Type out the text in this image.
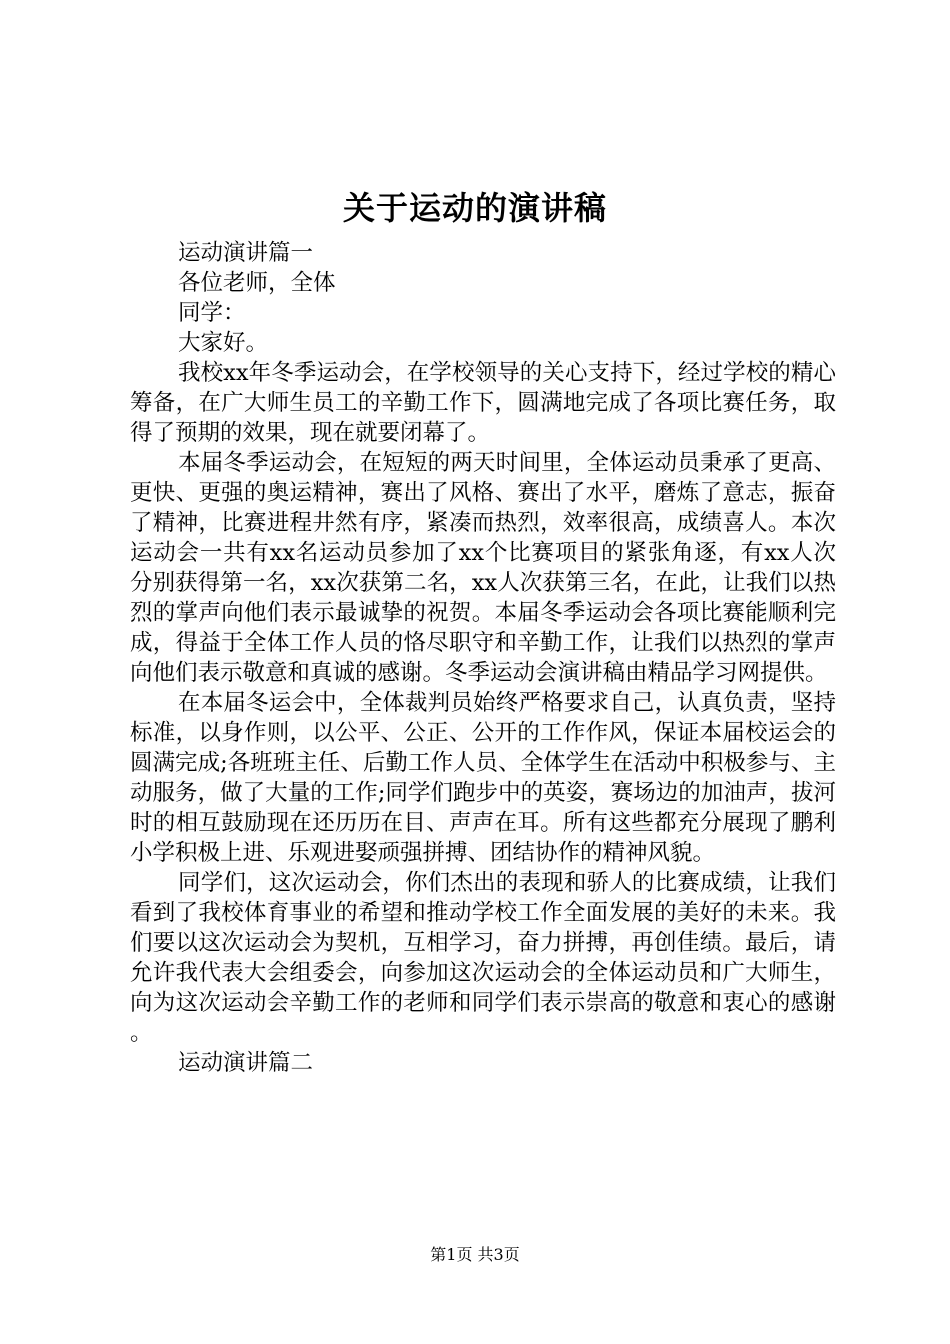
关于运动的演讲稿

运动演讲篇一

各位老师，全体

同学：

大家好。

我校xx年冬季运动会，在学校领导的关心支持下，经过学校的精心筹备，在广大师生员工的辛勤工作下，圆满地完成了各项比赛任务，取得了预期的效果，现在就要闭幕了。

本届冬季运动会，在短短的两天时间里，全体运动员秉承了更高、更快、更强的奥运精神，赛出了风格、赛出了水平，磨炼了意志，振奋了精神，比赛进程井然有序，紧凑而热烈，效率很高，成绩喜人。本次运动会一共有xx名运动员参加了xx个比赛项目的紧张角逐，有xx人次分别获得第一名，xx次获第二名，xx人次获第三名，在此，让我们以热烈的掌声向他们表示最诚挚的祝贺。本届冬季运动会各项比赛能顺利完成，得益于全体工作人员的恪尽职守和辛勤工作，让我们以热烈的掌声向他们表示敬意和真诚的感谢。冬季运动会演讲稿由精品学习网提供。

在本届冬运会中，全体裁判员始终严格要求自己，认真负责，坚持标准，以身作则，以公平、公正、公开的工作作风，保证本届校运会的圆满完成;各班班主任、后勤工作人员、全体学生在活动中积极参与、主动服务，做了大量的工作;同学们跑步中的英姿，赛场边的加油声，拔河时的相互鼓励现在还历历在目、声声在耳。所有这些都充分展现了鹏利小学积极上进、乐观进娶顽强拼搏、团结协作的精神风貌。

同学们，这次运动会，你们杰出的表现和骄人的比赛成绩，让我们看到了我校体育事业的希望和推动学校工作全面发展的美好的未来。我们要以这次运动会为契机，互相学习，奋力拼搏，再创佳绩。最后，请允许我代表大会组委会，向参加这次运动会的全体运动员和广大师生，向为这次运动会辛勤工作的老师和同学们表示崇高的敬意和衷心的感谢。

运动演讲篇二

第1页 共3页
